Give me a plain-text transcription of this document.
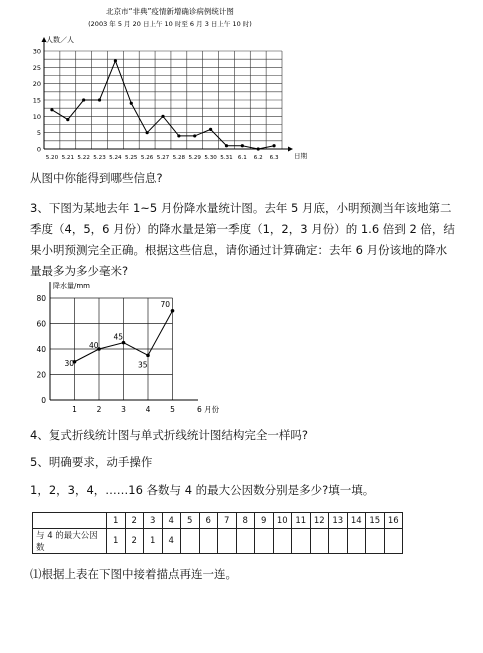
北京市“非典”疫情新增确诊病例统计图
(2003 年 5 月 20 日上午 10 时至 6 月 3 日上午 10 时)
人数／人
日期
0
5
10
15
20
25
30
5.20 5.21 5.22 5.23 5.24 5.25 5.26 5.27 5.28 5.29 5.30 5.31 6.1 6.2 6.3
从图中你能得到哪些信息?
3、下图为某地去年 1~5 月份降水量统计图。去年 5 月底，小明预测当年该地第二
季度（4，5，6 月份）的降水量是第一季度（1，2，3 月份）的 1.6 倍到 2 倍，结
果小明预测完全正确。根据这些信息，请你通过计算确定：去年 6 月份该地的降水
量最多为多少毫米?
0
20
40
60
80
降水量/mm
1	2	3	4	5	6 月份
30
40
45
35
70
4、复式折线统计图与单式折线统计图结构完全一样吗?
5、明确要求，动手操作
1，2，3，4，……16 各数与 4 的最大公因数分别是多少?填一填。
	1	2	3	4	5	6	7	8	9	10	11	12	13	14	15	16
与 4 的最大公因数	1	2	1	4												
⑴根据上表在下图中接着描点再连一连。
